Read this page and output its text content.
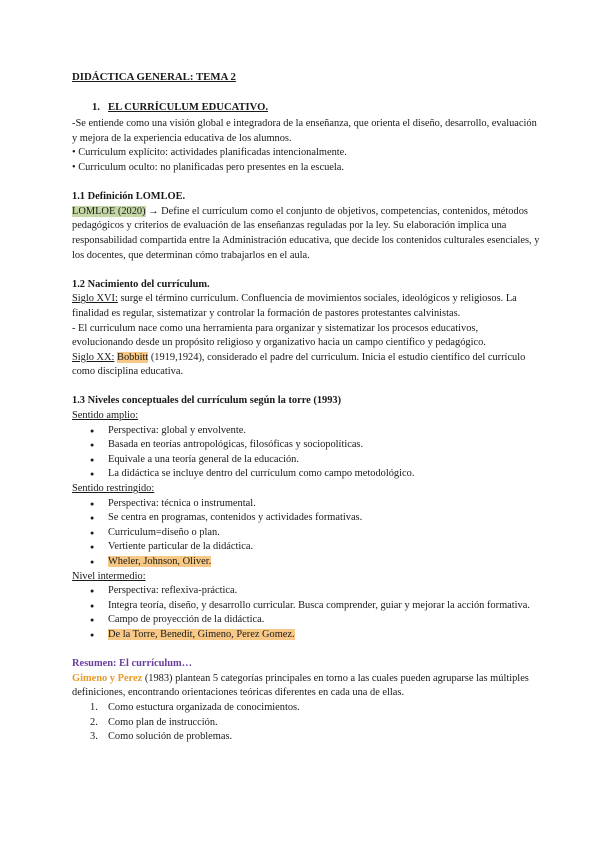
DIDÁCTICA GENERAL: TEMA 2

1. EL CURRÍCULUM EDUCATIVO.

-Se entiende como una visión global e integradora de la enseñanza, que orienta el diseño, desarrollo, evaluación y mejora de la experiencia educativa de los alumnos.

• Curriculum explícito: actividades planificadas intencionalmente.

• Curriculum oculto: no planificadas pero presentes en la escuela.

1.1 Definición LOMLOE.

LOMLOE (2020) → Define el currículum como el conjunto de objetivos, competencias, contenidos, métodos pedagógicos y criterios de evaluación de las enseñanzas reguladas por la ley. Su elaboración implica una responsabilidad compartida entre la Administración educativa, que decide los contenidos culturales esenciales, y los docentes, que determinan cómo trabajarlos en el aula.

1.2 Nacimiento del currículum.

Siglo XVI: surge el término curriculum. Confluencia de movimientos sociales, ideológicos y religiosos. La finalidad es regular, sistematizar y controlar la formación de pastores protestantes calvinistas.

- El curriculum nace como una herramienta para organizar y sistematizar los procesos educativos, evolucionando desde un propósito religioso y organizativo hacia un campo científico y pedagógico.

Siglo XX: Bobbitt (1919,1924), considerado el padre del curriculum. Inicia el estudio científico del currículo como disciplina educativa.

1.3 Niveles conceptuales del currículum según la torre (1993)

Sentido amplio:

● Perspectiva: global y envolvente.
● Basada en teorías antropológicas, filosóficas y sociopolíticas.
● Equivale a una teoría general de la educación.
● La didáctica se incluye dentro del currículum como campo metodológico.

Sentido restringido:

● Perspectiva: técnica o instrumental.
● Se centra en programas, contenidos y actividades formativas.
● Curriculum=diseño o plan.
● Vertiente particular de la didáctica.
● Wheler, Johnson, Oliver.

Nivel intermedio:

● Perspectiva: reflexiva-práctica.
● Integra teoría, diseño, y desarrollo curricular. Busca comprender, guiar y mejorar la acción formativa.
● Campo de proyección de la didáctica.
● De la Torre, Benedit, Gimeno, Perez Gomez.

Resumen: El currículum…

Gimeno y Perez (1983) plantean 5 categorías principales en torno a las cuales pueden agruparse las múltiples definiciones, encontrando orientaciones teóricas diferentes en cada una de ellas.

1. Como estuctura organizada de conocimientos.
2. Como plan de instrucción.
3. Como solución de problemas.
